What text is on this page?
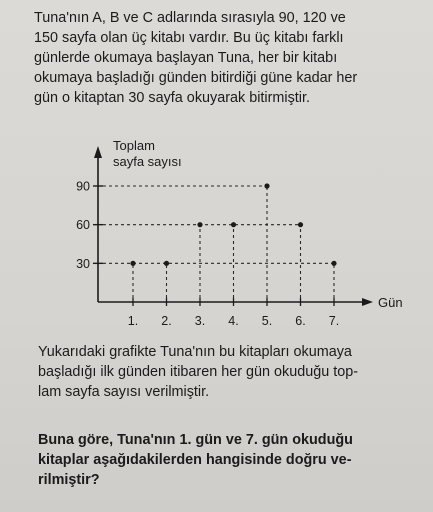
Tuna'nın A, B ve C adlarında sırasıyla 90, 120 ve
150 sayfa olan üç kitabı vardır. Bu üç kitabı farklı
günlerde okumaya başlayan Tuna, her bir kitabı
okumaya başladığı günden bitirdiği güne kadar her
gün o kitaptan 30 sayfa okuyarak bitirmiştir.

Toplam
sayfa sayısı
Gün
30
60
90
1. 2. 3. 4. 5. 6. 7.

Yukarıdaki grafikte Tuna'nın bu kitapları okumaya
başladığı ilk günden itibaren her gün okuduğu top-
lam sayfa sayısı verilmiştir.

Buna göre, Tuna'nın 1. gün ve 7. gün okuduğu
kitaplar aşağıdakilerden hangisinde doğru ve-
rilmiştir?
